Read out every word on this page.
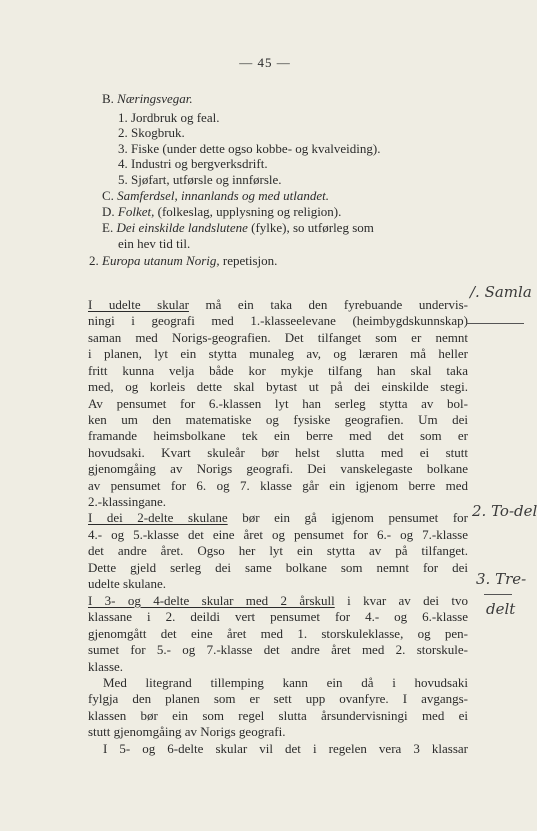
— 45 —
B. Næringsvegar.
1. Jordbruk og feal.
2. Skogbruk.
3. Fiske (under dette ogso kobbe- og kvalveiding).
4. Industri og bergverksdrift.
5. Sjøfart, utførsle og innførsle.
C. Samferdsel, innanlands og med utlandet.
D. Folket, (folkeslag, upplysning og religion).
E. Dei einskilde landslutene (fylke), so utførleg som
ein hev tid til.
2. Europa utanum Norig, repetisjon.
I udelte skular må ein taka den fyrebuande undervis-
ningi i geografi med 1.-klasseelevane (heimbygdskunnskap)
saman med Norigs-geografien. Det tilfanget som er nemnt
i planen, lyt ein stytta munaleg av, og læraren må heller
fritt kunna velja både kor mykje tilfang han skal taka
med, og korleis dette skal bytast ut på dei einskilde stegi.
Av pensumet for 6.-klassen lyt han serleg stytta av bol-
ken um den matematiske og fysiske geografien. Um dei
framande heimsbolkane tek ein berre med det som er
hovudsaki. Kvart skuleår bør helst slutta med ei stutt
gjenomgåing av Norigs geografi. Dei vanskelegaste bolkane
av pensumet for 6. og 7. klasse går ein igjenom berre med
2.-klassingane.
I dei 2-delte skulane bør ein gå igjenom pensumet for
4.- og 5.-klasse det eine året og pensumet for 6.- og 7.-klasse
det andre året. Ogso her lyt ein stytta av på tilfanget.
Dette gjeld serleg dei same bolkane som nemnt for dei
udelte skulane.
I 3- og 4-delte skular med 2 årskull i kvar av dei tvo
klassane i 2. deildi vert pensumet for 4.- og 6.-klasse
gjenomgått det eine året med 1. storskuleklasse, og pen-
sumet for 5.- og 7.-klasse det andre året med 2. storskule-
klasse.
Med litegrand tillemping kann ein då i hovudsaki
fylgja den planen som er sett upp ovanfyre. I avgangs-
klassen bør ein som regel slutta årsundervisningi med ei
stutt gjenomgåing av Norigs geografi.
I 5- og 6-delte skular vil det i regelen vera 3 klassar
/. Samla
2. To-del
3. Tre-
delt
